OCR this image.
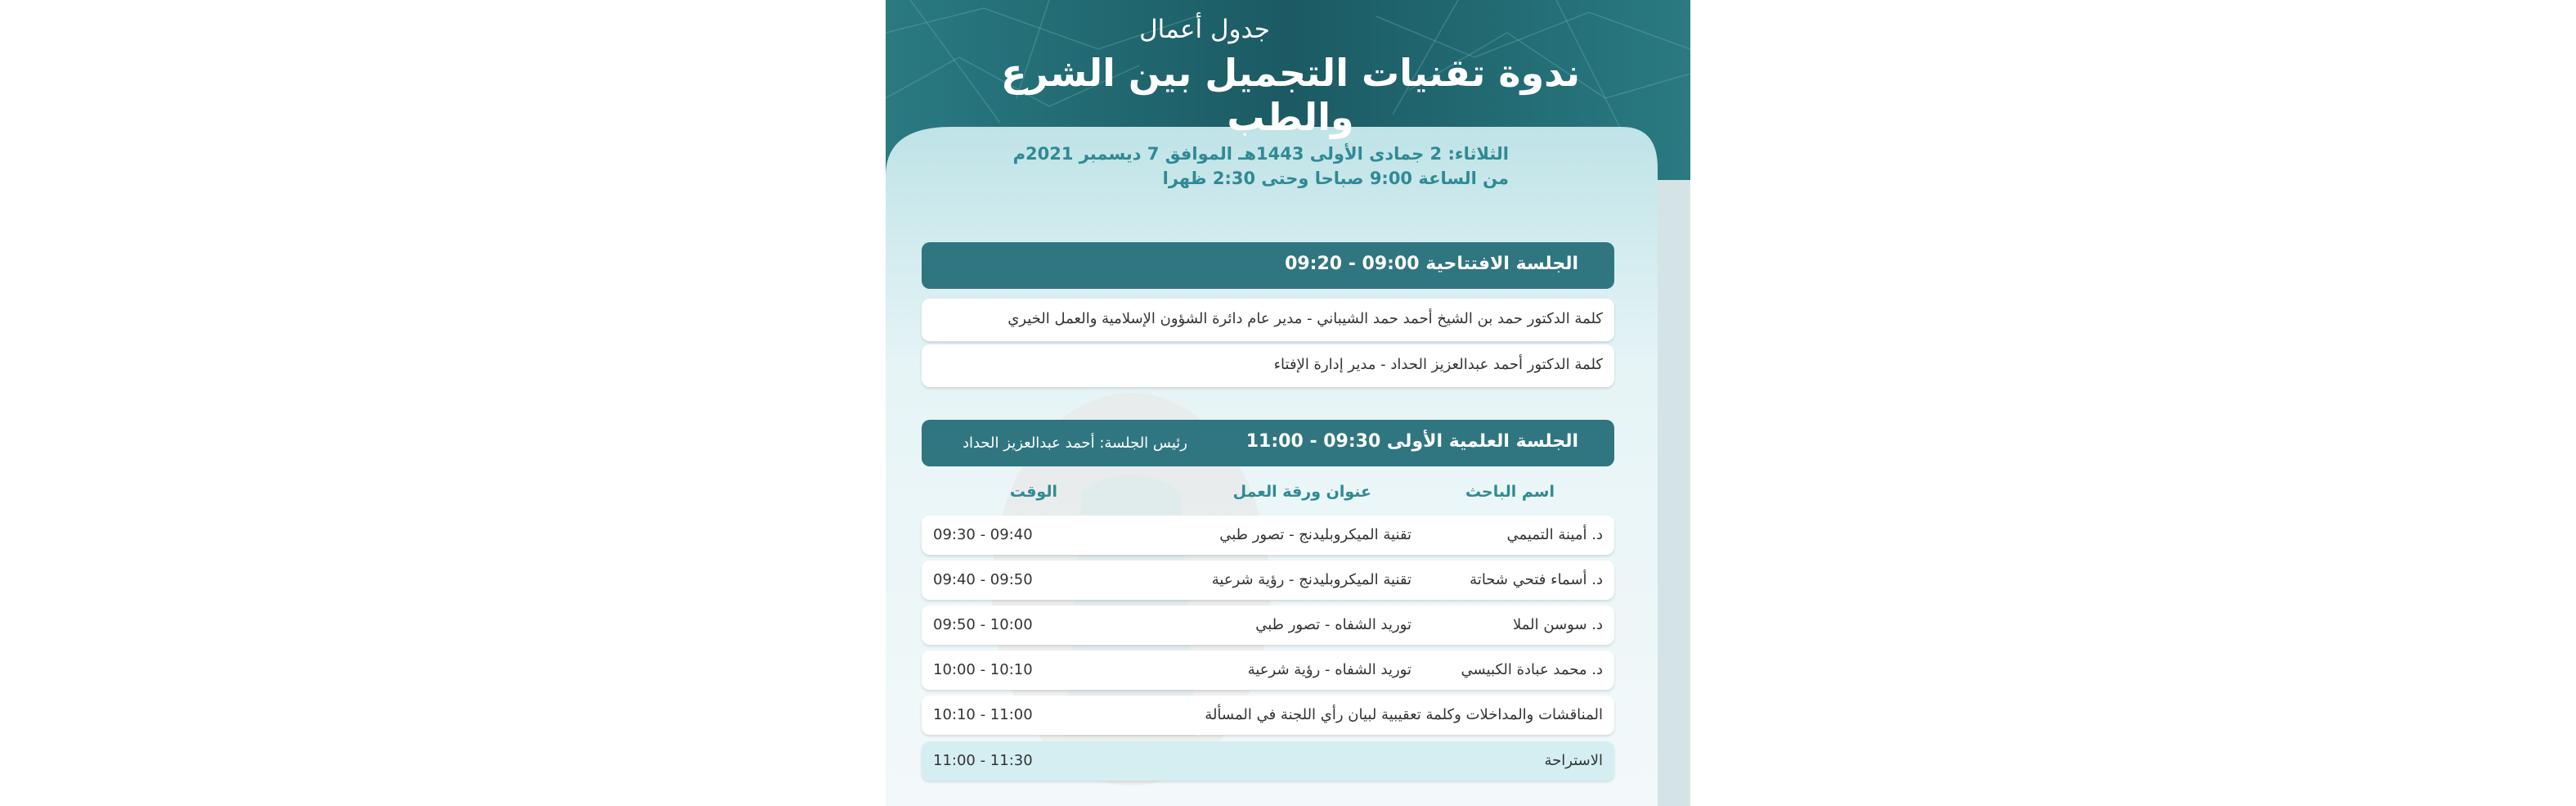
جدول أعمال
ندوة تقنيات التجميل بين الشرع والطب
الثلاثاء: 2 جمادى الأولى 1443هـ الموافق 7 ديسمبر 2021م
من الساعة 9:00 صباحا وحتى 2:30 ظهرا
الجلسة الافتتاحية 09:00 - 09:20
كلمة الدكتور حمد بن الشيخ أحمد حمد الشيباني - مدير عام دائرة الشؤون الإسلامية والعمل الخيري
كلمة الدكتور أحمد عبدالعزيز الحداد - مدير إدارة الإفتاء
الجلسة العلمية الأولى 09:30 - 11:00
رئيس الجلسة: أحمد عبدالعزيز الحداد
اسم الباحث
عنوان ورقة العمل
الوقت
د. أمينة التميمي
تقنية الميكروبليدنج - تصور طبي
09:30 - 09:40
د. أسماء فتحي شحاتة
تقنية الميكروبليدنج - رؤية شرعية
09:40 - 09:50
د. سوسن الملا
توريد الشفاه - تصور طبي
09:50 - 10:00
د. محمد عبادة الكبيسي
توريد الشفاه - رؤية شرعية
10:00 - 10:10
المناقشات والمداخلات وكلمة تعقيبية لبيان رأي اللجنة في المسألة
10:10 - 11:00
الاستراحة
11:00 - 11:30
